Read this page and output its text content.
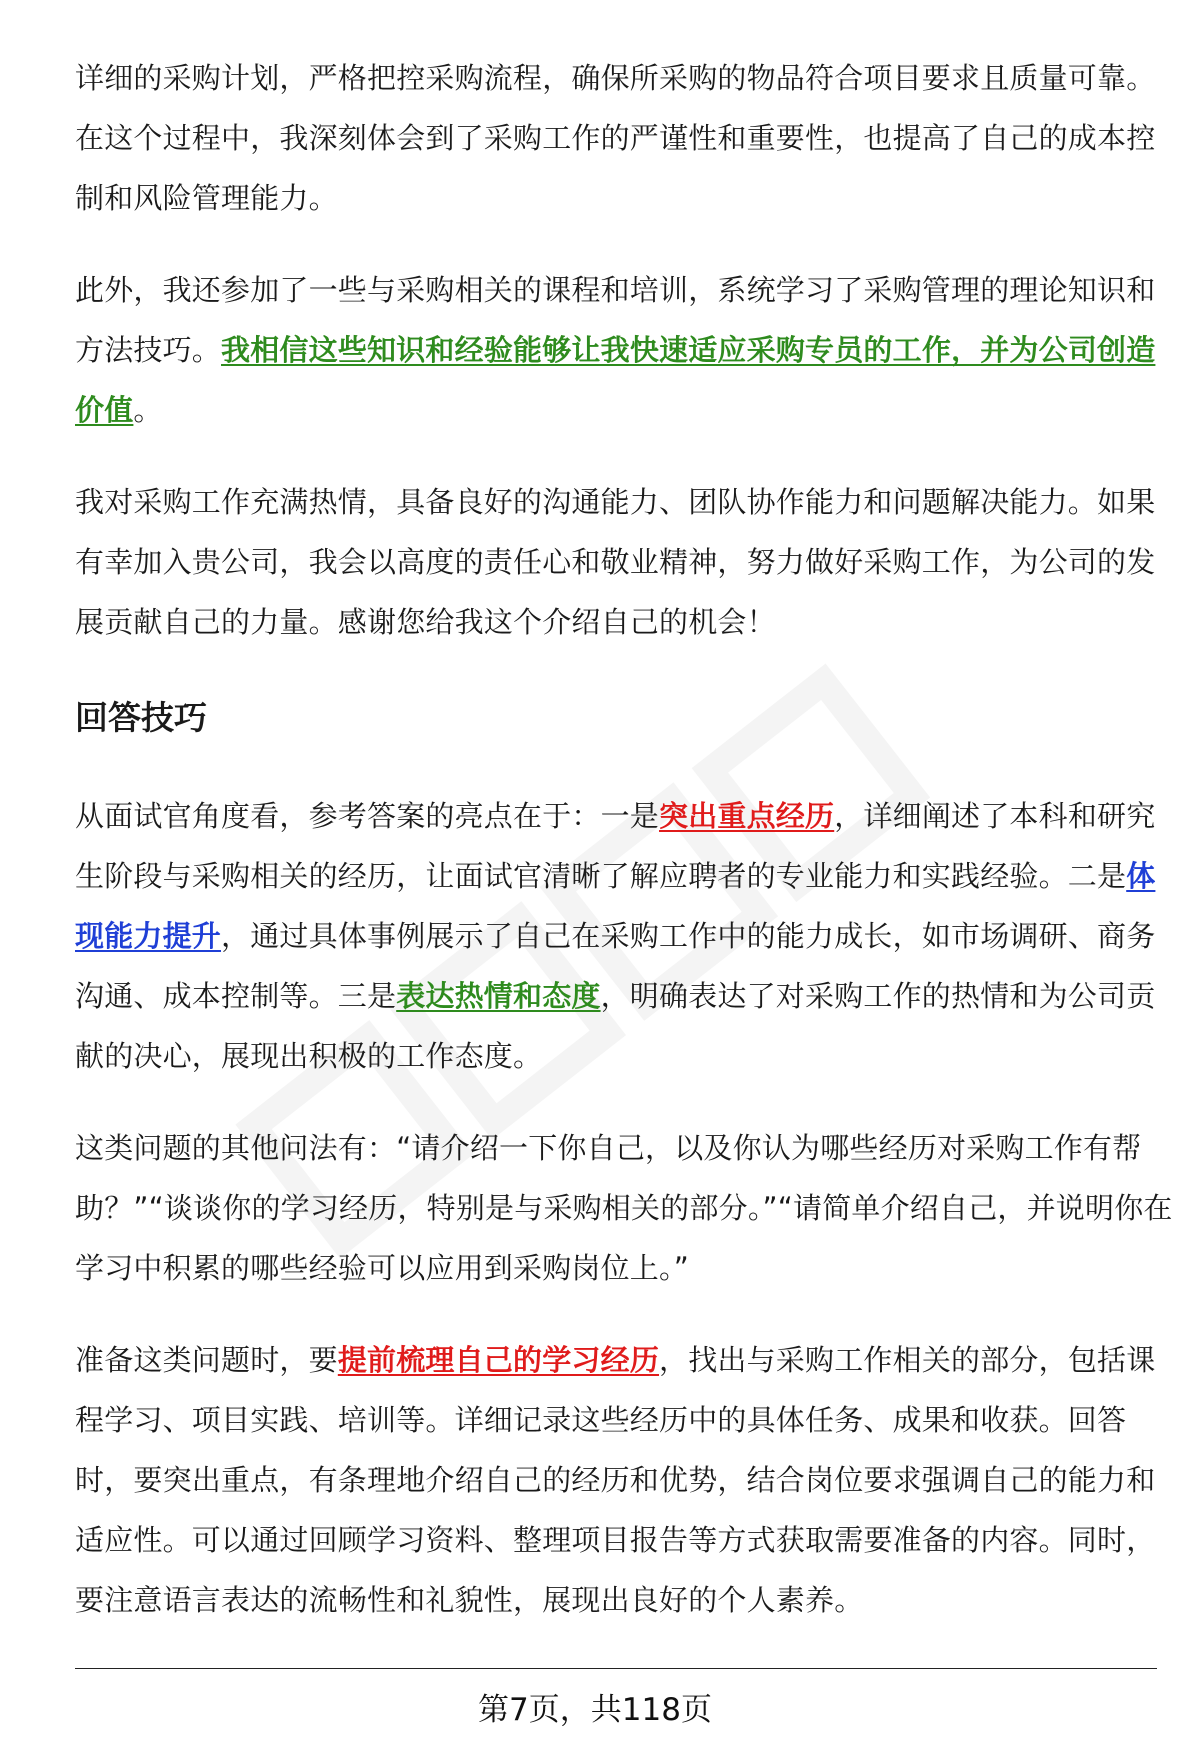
详细的采购计划，严格把控采购流程，确保所采购的物品符合项目要求且质量可靠。在这个过程中，我深刻体会到了采购工作的严谨性和重要性，也提高了自己的成本控制和风险管理能力。

此外，我还参加了一些与采购相关的课程和培训，系统学习了采购管理的理论知识和方法技巧。我相信这些知识和经验能够让我快速适应采购专员的工作，并为公司创造价值。

我对采购工作充满热情，具备良好的沟通能力、团队协作能力和问题解决能力。如果有幸加入贵公司，我会以高度的责任心和敬业精神，努力做好采购工作，为公司的发展贡献自己的力量。感谢您给我这个介绍自己的机会！

回答技巧

从面试官角度看，参考答案的亮点在于：一是突出重点经历，详细阐述了本科和研究生阶段与采购相关的经历，让面试官清晰了解应聘者的专业能力和实践经验。二是体现能力提升，通过具体事例展示了自己在采购工作中的能力成长，如市场调研、商务沟通、成本控制等。三是表达热情和态度，明确表达了对采购工作的热情和为公司贡献的决心，展现出积极的工作态度。

这类问题的其他问法有：“请介绍一下你自己，以及你认为哪些经历对采购工作有帮助？”“谈谈你的学习经历，特别是与采购相关的部分。”“请简单介绍自己，并说明你在学习中积累的哪些经验可以应用到采购岗位上。”

准备这类问题时，要提前梳理自己的学习经历，找出与采购工作相关的部分，包括课程学习、项目实践、培训等。详细记录这些经历中的具体任务、成果和收获。回答时，要突出重点，有条理地介绍自己的经历和优势，结合岗位要求强调自己的能力和适应性。可以通过回顾学习资料、整理项目报告等方式获取需要准备的内容。同时，要注意语言表达的流畅性和礼貌性，展现出良好的个人素养。

第7页，共118页
